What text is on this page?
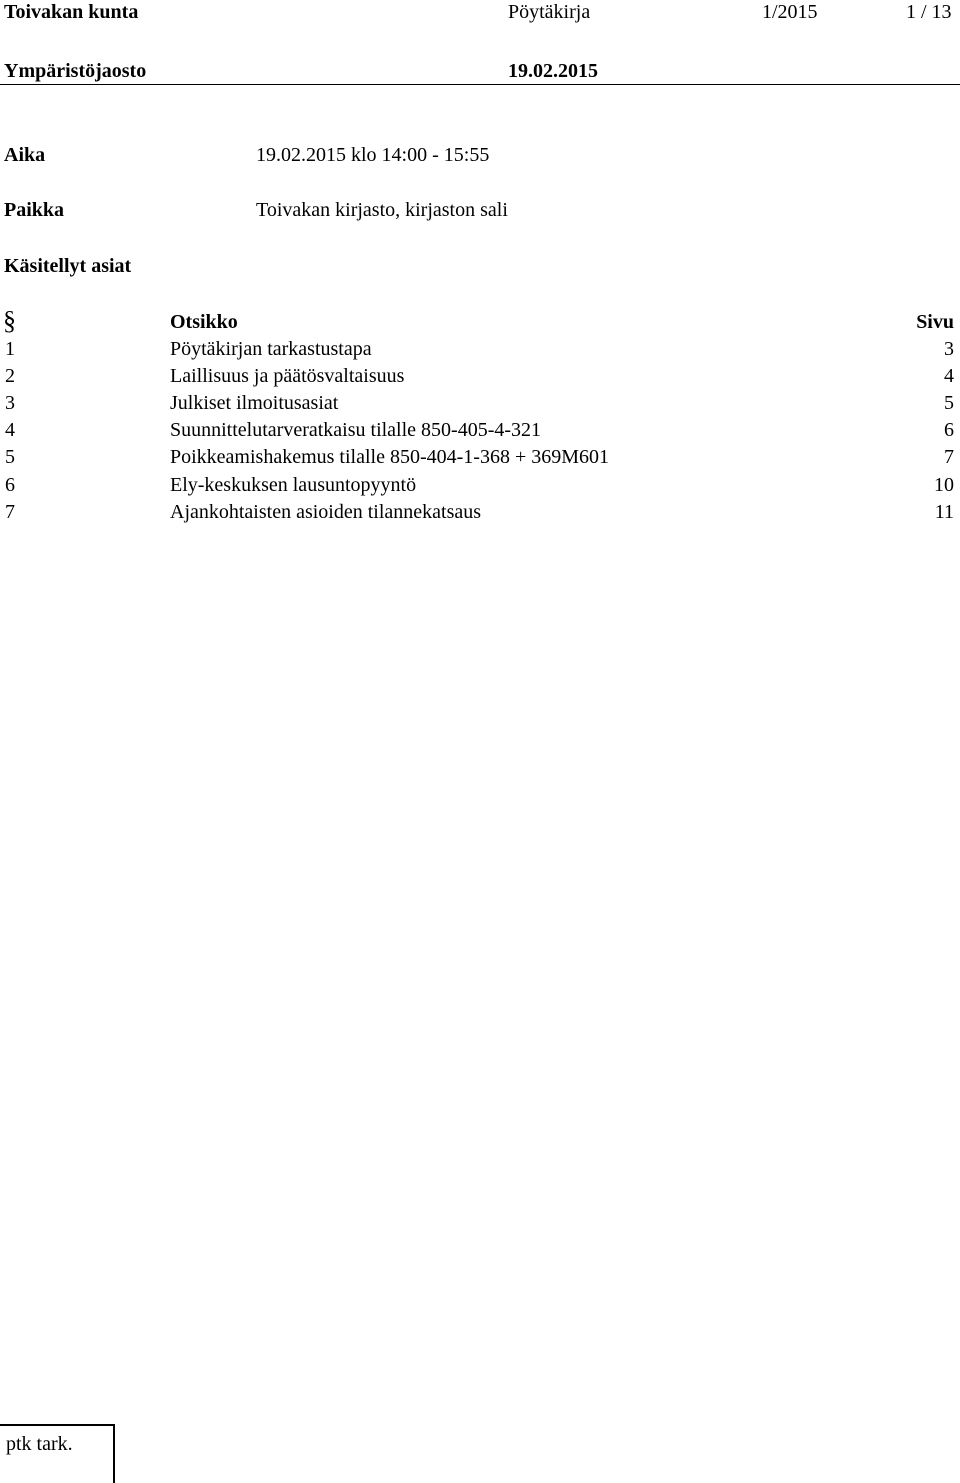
Toivakan kunta	Pöytäkirja	1/2015	1 / 13
Ympäristöjaosto	19.02.2015
Aika	19.02.2015 klo 14:00 - 15:55
Paikka	Toivakan kirjasto, kirjaston sali
Käsitellyt asiat
§	Otsikko	Sivu
1	Pöytäkirjan tarkastustapa	3
2	Laillisuus ja päätösvaltaisuus	4
3	Julkiset ilmoitusasiat	5
4	Suunnittelutarveratkaisu tilalle 850-405-4-321	6
5	Poikkeamishakemus tilalle 850-404-1-368 + 369M601	7
6	Ely-keskuksen lausuntopyyntö	10
7	Ajankohtaisten asioiden tilannekatsaus	11
ptk tark.
